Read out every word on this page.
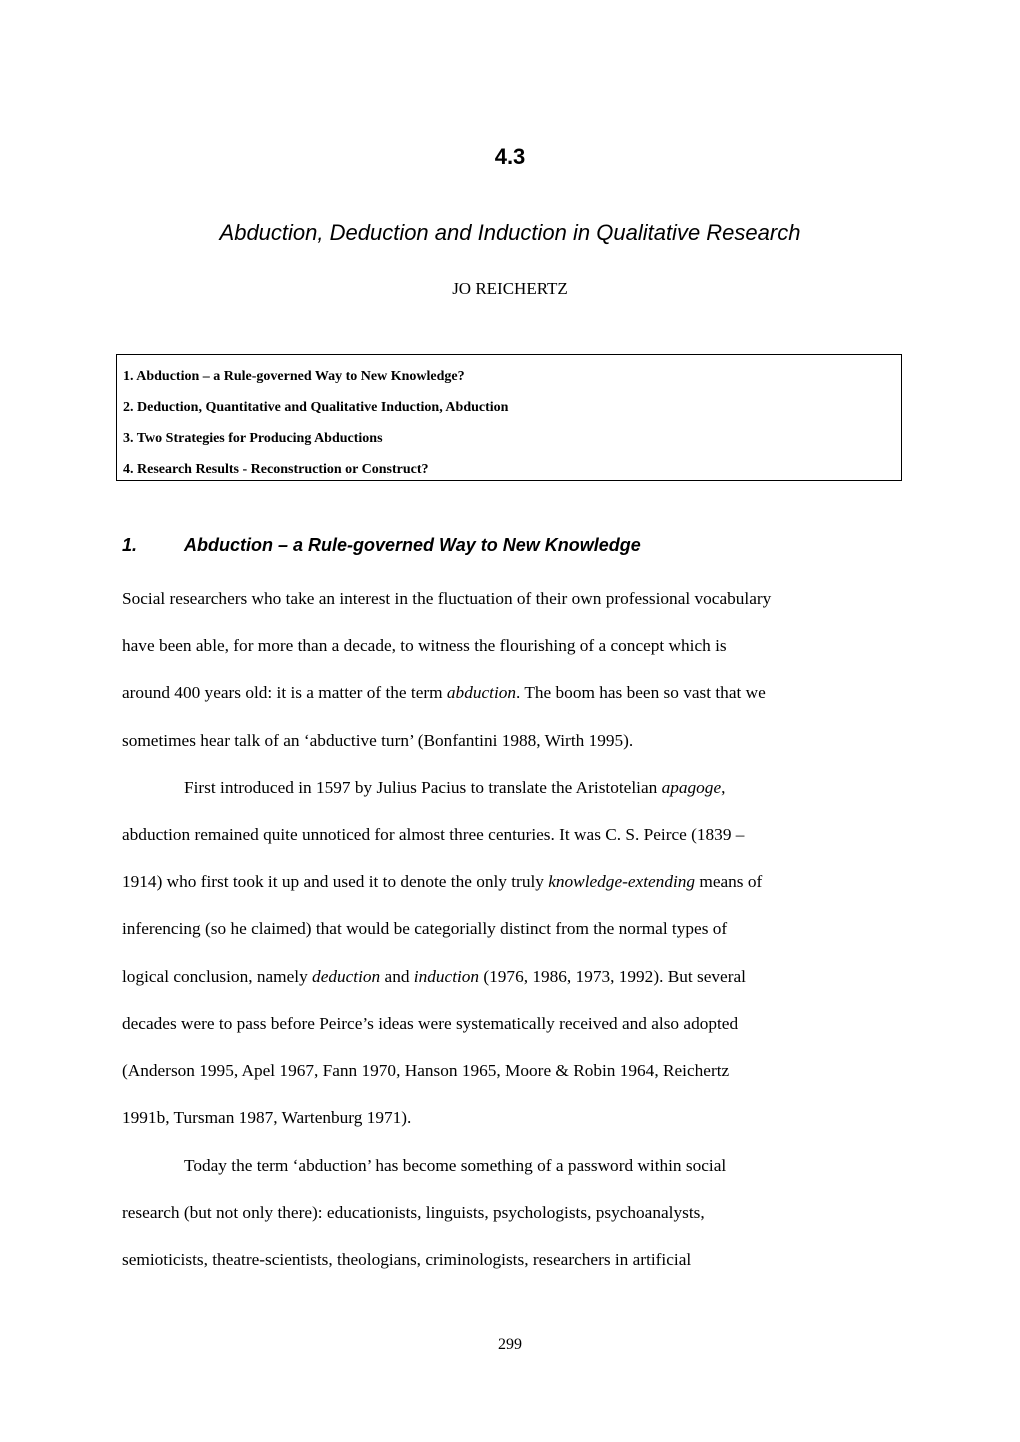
4.3
Abduction, Deduction and Induction in Qualitative Research
JO REICHERTZ
1. Abduction – a Rule-governed Way to New Knowledge?
2. Deduction, Quantitative and Qualitative Induction, Abduction
3. Two Strategies for Producing Abductions
4. Research Results - Reconstruction or Construct?
1.	Abduction – a Rule-governed Way to New Knowledge
Social researchers who take an interest in the fluctuation of their own professional vocabulary
have been able, for more than a decade, to witness the flourishing of a concept which is
around 400 years old: it is a matter of the term abduction. The boom has been so vast that we
sometimes hear talk of an ‘abductive turn’ (Bonfantini 1988, Wirth 1995).
First introduced in 1597 by Julius Pacius to translate the Aristotelian apagoge,
abduction remained quite unnoticed for almost three centuries. It was C. S. Peirce (1839 –
1914) who first took it up and used it to denote the only truly knowledge-extending means of
inferencing (so he claimed) that would be categorially distinct from the normal types of
logical conclusion, namely deduction and induction (1976, 1986, 1973, 1992). But several
decades were to pass before Peirce’s ideas were systematically received and also adopted
(Anderson 1995, Apel 1967, Fann 1970, Hanson 1965, Moore & Robin 1964, Reichertz
1991b, Tursman 1987, Wartenburg 1971).
Today the term ‘abduction’ has become something of a password within social
research (but not only there): educationists, linguists, psychologists, psychoanalysts,
semioticists, theatre-scientists, theologians, criminologists, researchers in artificial
299
